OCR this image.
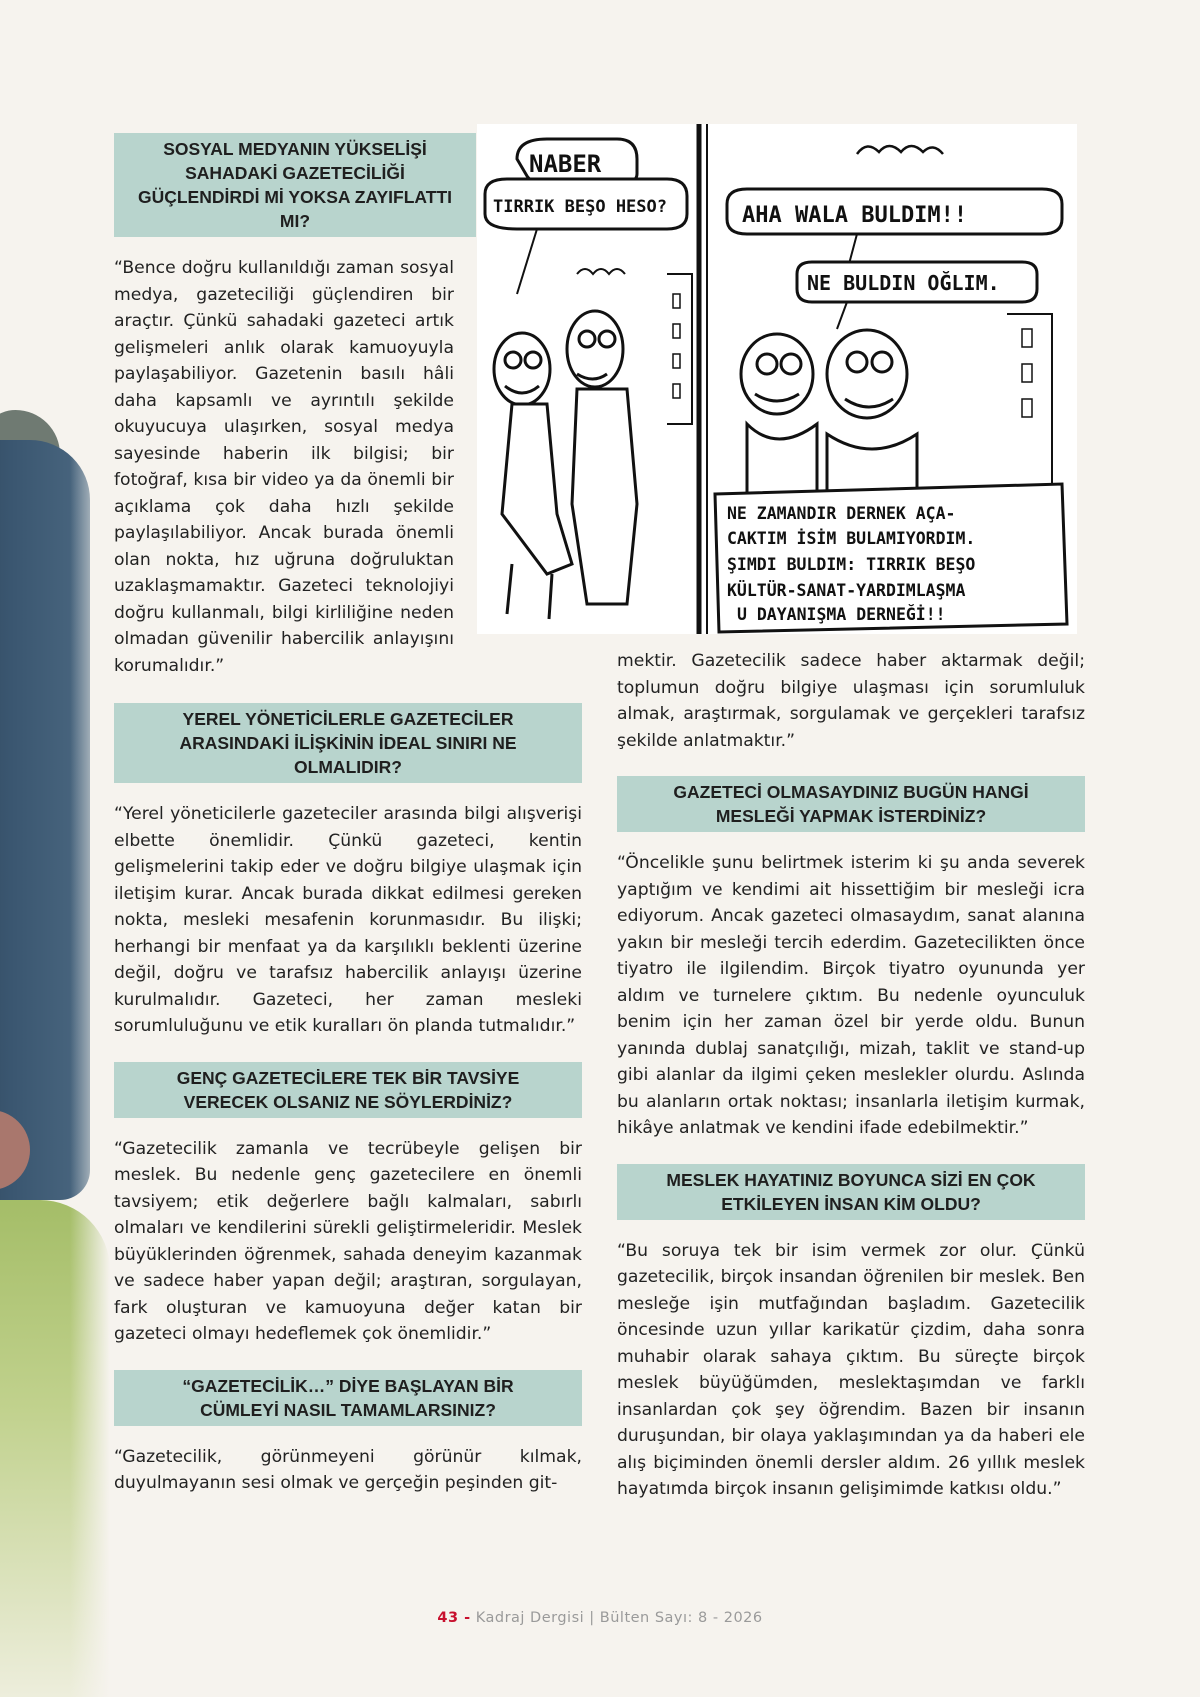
SOSYAL MEDYANIN YÜKSELİŞİ SAHADAKİ GAZETECİLİĞİ GÜÇLENDİRDİ Mİ YOKSA ZAYIFLATTI MI?

“Bence doğru kullanıldığı zaman sosyal medya, gazeteciliği güçlendiren bir araçtır. Çünkü sahadaki gazeteci artık gelişmeleri anlık olarak kamuoyuyla paylaşabiliyor. Gazetenin basılı hâli daha kapsamlı ve ayrıntılı şekilde okuyucuya ulaşırken, sosyal medya sayesinde haberin ilk bilgisi; bir fotoğraf, kısa bir video ya da önemli bir açıklama çok daha hızlı şekilde paylaşılabiliyor. Ancak burada önemli olan nokta, hız uğruna doğruluktan uzaklaşmamaktır. Gazeteci teknolojiyi doğru kullanmalı, bilgi kirliliğine neden olmadan güvenilir habercilik anlayışını korumalıdır.”

YEREL YÖNETİCİLERLE GAZETECİLER ARASINDAKİ İLİŞKİNİN İDEAL SINIRI NE OLMALIDIR?

“Yerel yöneticilerle gazeteciler arasında bilgi alışverişi elbette önemlidir. Çünkü gazeteci, kentin gelişmelerini takip eder ve doğru bilgiye ulaşmak için iletişim kurar. Ancak burada dikkat edilmesi gereken nokta, mesleki mesafenin korunmasıdır. Bu ilişki; herhangi bir menfaat ya da karşılıklı beklenti üzerine değil, doğru ve tarafsız habercilik anlayışı üzerine kurulmalıdır. Gazeteci, her zaman mesleki sorumluluğunu ve etik kuralları ön planda tutmalıdır.”

GENÇ GAZETECİLERE TEK BİR TAVSİYE VERECEK OLSANIZ NE SÖYLERDİNİZ?

“Gazetecilik zamanla ve tecrübeyle gelişen bir meslek. Bu nedenle genç gazetecilere en önemli tavsiyem; etik değerlere bağlı kalmaları, sabırlı olmaları ve kendilerini sürekli geliştirmeleridir. Meslek büyüklerinden öğrenmek, sahada deneyim kazanmak ve sadece haber yapan değil; araştıran, sorgulayan, fark oluşturan ve kamuoyuna değer katan bir gazeteci olmayı hedeflemek çok önemlidir.”

“GAZETECİLİK…” DİYE BAŞLAYAN BİR CÜMLEYİ NASIL TAMAMLARSINIZ?

“Gazetecilik, görünmeyeni görünür kılmak, duyulmayanın sesi olmak ve gerçeğin peşinden git-

NABER
TIRRIK BEŞO HESO?	AHA WALA BULDIM!!
NE BULDIN OĞLIM.
NE ZAMANDIR DERNEK AÇA-
CAKTIM İSİM BULAMIYORDIM.
ŞIMDI BULDIM: TIRRIK BEŞO
KÜLTÜR-SANAT-YARDIMLAŞMA
U DAYANIŞMA DERNEĞİ!!

mektir. Gazetecilik sadece haber aktarmak değil; toplumun doğru bilgiye ulaşması için sorumluluk almak, araştırmak, sorgulamak ve gerçekleri tarafsız şekilde anlatmaktır.”

GAZETECİ OLMASAYDINIZ BUGÜN HANGİ MESLEĞİ YAPMAK İSTERDİNİZ?

“Öncelikle şunu belirtmek isterim ki şu anda severek yaptığım ve kendimi ait hissettiğim bir mesleği icra ediyorum. Ancak gazeteci olmasaydım, sanat alanına yakın bir mesleği tercih ederdim. Gazetecilikten önce tiyatro ile ilgilendim. Birçok tiyatro oyununda yer aldım ve turnelere çıktım. Bu nedenle oyunculuk benim için her zaman özel bir yerde oldu. Bunun yanında dublaj sanatçılığı, mizah, taklit ve stand-up gibi alanlar da ilgimi çeken meslekler olurdu. Aslında bu alanların ortak noktası; insanlarla iletişim kurmak, hikâye anlatmak ve kendini ifade edebilmektir.”

MESLEK HAYATINIZ BOYUNCA SİZİ EN ÇOK ETKİLEYEN İNSAN KİM OLDU?

“Bu soruya tek bir isim vermek zor olur. Çünkü gazetecilik, birçok insandan öğrenilen bir meslek. Ben mesleğe işin mutfağından başladım. Gazetecilik öncesinde uzun yıllar karikatür çizdim, daha sonra muhabir olarak sahaya çıktım. Bu süreçte birçok meslek büyüğümden, meslektaşımdan ve farklı insanlardan çok şey öğrendim. Bazen bir insanın duruşundan, bir olaya yaklaşımından ya da haberi ele alış biçiminden önemli dersler aldım. 26 yıllık meslek hayatımda birçok insanın gelişimimde katkısı oldu.”

43 - Kadraj Dergisi | Bülten Sayı: 8 - 2026
